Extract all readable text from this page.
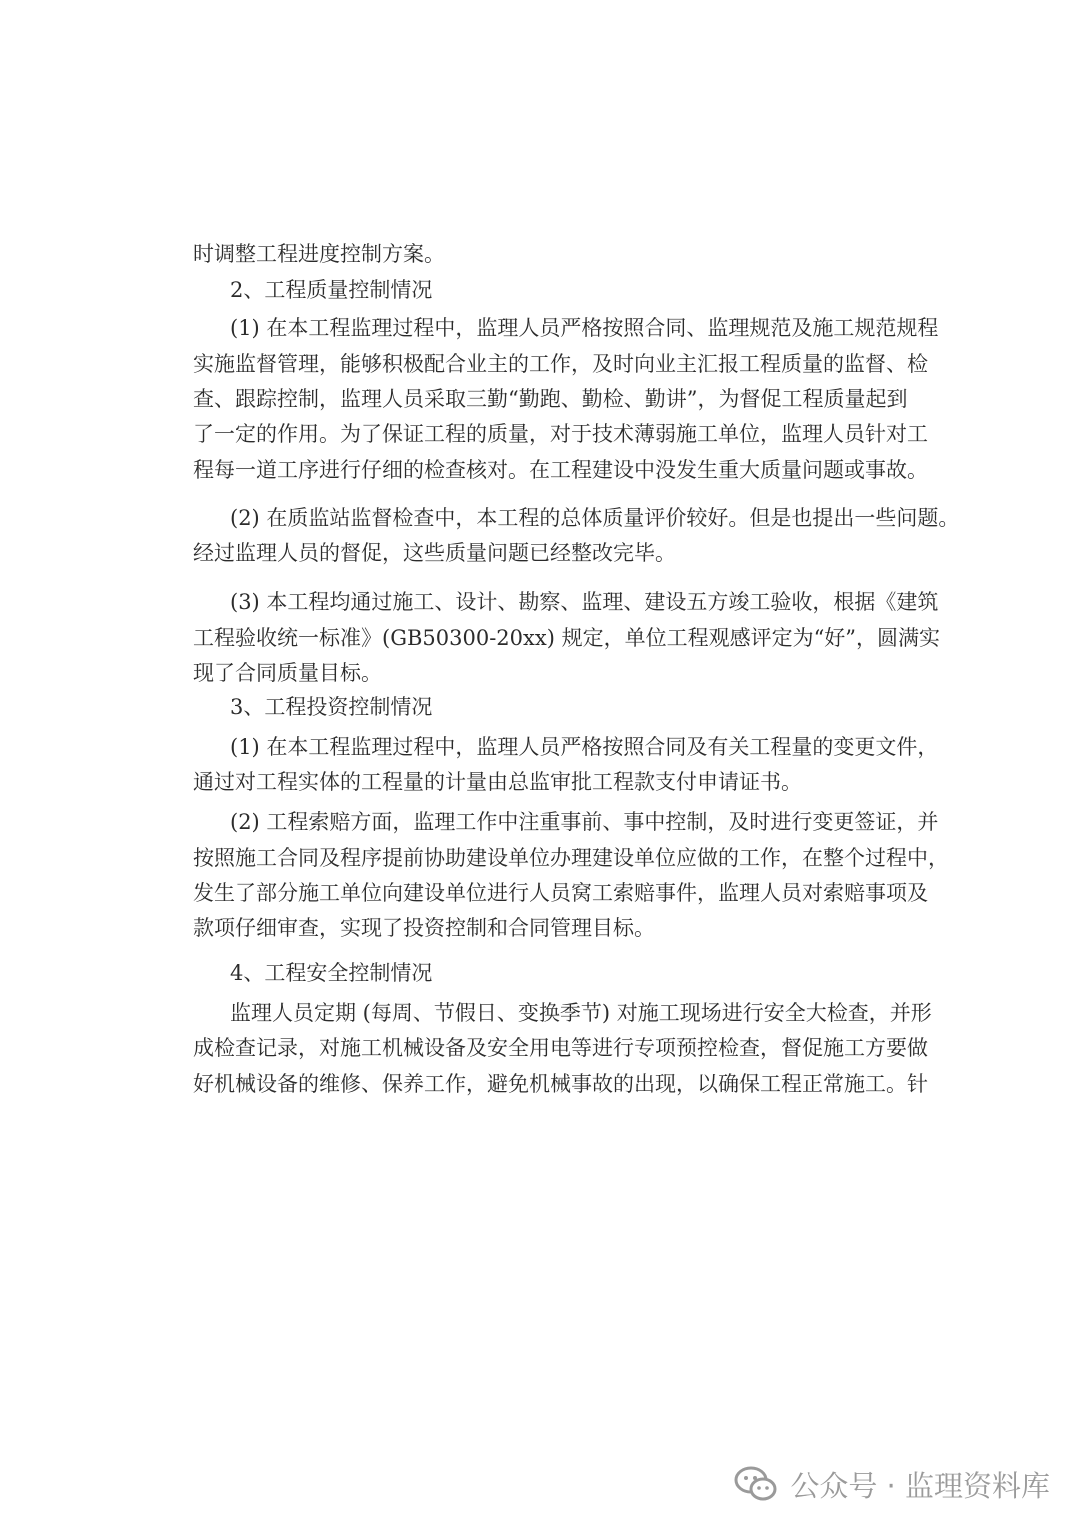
时调整工程进度控制方案。
2、工程质量控制情况
(1) 在本工程监理过程中，监理人员严格按照合同、监理规范及施工规范规程
实施监督管理，能够积极配合业主的工作，及时向业主汇报工程质量的监督、检
查、跟踪控制，监理人员采取三勤“勤跑、勤检、勤讲”，为督促工程质量起到
了一定的作用。为了保证工程的质量，对于技术薄弱施工单位，监理人员针对工
程每一道工序进行仔细的检查核对。在工程建设中没发生重大质量问题或事故。
(2) 在质监站监督检查中，本工程的总体质量评价较好。但是也提出一些问题。
经过监理人员的督促，这些质量问题已经整改完毕。
(3) 本工程均通过施工、设计、勘察、监理、建设五方竣工验收，根据《建筑
工程验收统一标准》(GB50300-20xx) 规定，单位工程观感评定为“好”，圆满实
现了合同质量目标。
3、工程投资控制情况
(1) 在本工程监理过程中，监理人员严格按照合同及有关工程量的变更文件，
通过对工程实体的工程量的计量由总监审批工程款支付申请证书。
(2) 工程索赔方面，监理工作中注重事前、事中控制，及时进行变更签证，并
按照施工合同及程序提前协助建设单位办理建设单位应做的工作，在整个过程中，
发生了部分施工单位向建设单位进行人员窝工索赔事件，监理人员对索赔事项及
款项仔细审查，实现了投资控制和合同管理目标。
4、工程安全控制情况
监理人员定期 (每周、节假日、变换季节) 对施工现场进行安全大检查，并形
成检查记录，对施工机械设备及安全用电等进行专项预控检查，督促施工方要做
好机械设备的维修、保养工作，避免机械事故的出现，以确保工程正常施工。针
公众号 · 监理资料库
